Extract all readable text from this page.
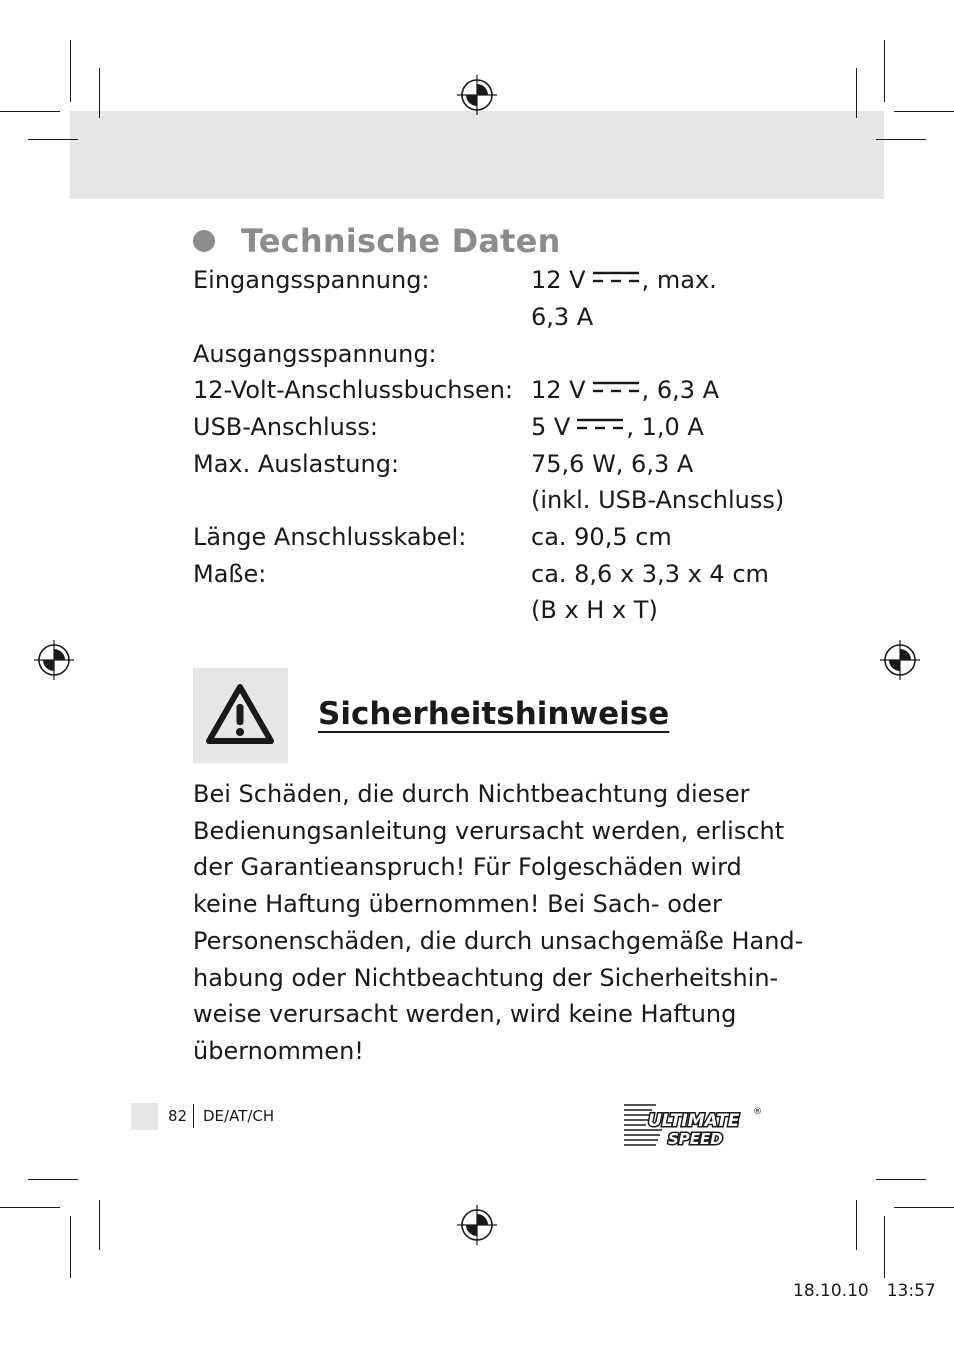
Technische Daten
Eingangsspannung:	12 V , max.
6,3 A
Ausgangsspannung:
12-Volt-Anschlussbuchsen: 12 V , 6,3 A
USB-Anschluss:	5 V , 1,0 A
Max. Auslastung:	75,6 W, 6,3 A
(inkl. USB-Anschluss)
Länge Anschlusskabel:	ca. 90,5 cm
Maße:	ca. 8,6 x 3,3 x 4 cm
(B x H x T)
Sicherheitshinweise
Bei Schäden, die durch Nichtbeachtung dieser
Bedienungsanleitung verursacht werden, erlischt
der Garantieanspruch! Für Folgeschäden wird
keine Haftung übernommen! Bei Sach- oder
Personenschäden, die durch unsachgemäße Hand-
habung oder Nichtbeachtung der Sicherheitshin-
weise verursacht werden, wird keine Haftung
übernommen!
82 DE/AT/CH	ULTIMATE
SPEED
®
18.10.10 13:57
